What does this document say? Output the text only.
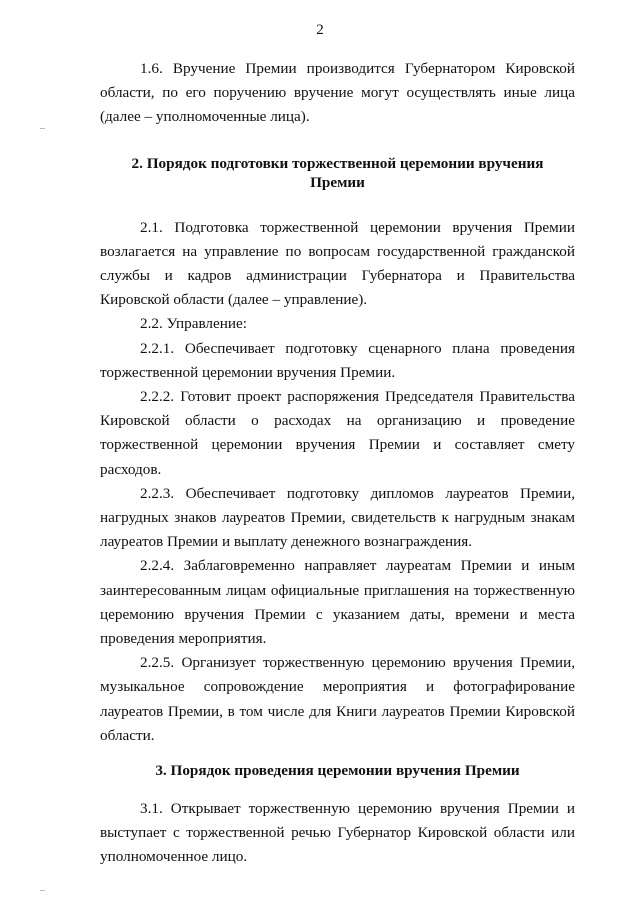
2

1.6. Вручение Премии производится Губернатором Кировской области, по его поручению вручение могут осуществлять иные лица (далее – уполномоченные лица).

2. Порядок подготовки торжественной церемонии вручения Премии

2.1. Подготовка торжественной церемонии вручения Премии возлагается на управление по вопросам государственной гражданской службы и кадров администрации Губернатора и Правительства Кировской области (далее – управление).

2.2. Управление:

2.2.1. Обеспечивает подготовку сценарного плана проведения торжественной церемонии вручения Премии.

2.2.2. Готовит проект распоряжения Председателя Правительства Кировской области о расходах на организацию и проведение торжественной церемонии вручения Премии и составляет смету расходов.

2.2.3. Обеспечивает подготовку дипломов лауреатов Премии, нагрудных знаков лауреатов Премии, свидетельств к нагрудным знакам лауреатов Премии и выплату денежного вознаграждения.

2.2.4. Заблаговременно направляет лауреатам Премии и иным заинтересованным лицам официальные приглашения на торжественную церемонию вручения Премии с указанием даты, времени и места проведения мероприятия.

2.2.5. Организует торжественную церемонию вручения Премии, музыкальное сопровождение мероприятия и фотографирование лауреатов Премии, в том числе для Книги лауреатов Премии Кировской области.

3. Порядок проведения церемонии вручения Премии

3.1. Открывает торжественную церемонию вручения Премии и выступает с торжественной речью Губернатор Кировской области или уполномоченное лицо.
